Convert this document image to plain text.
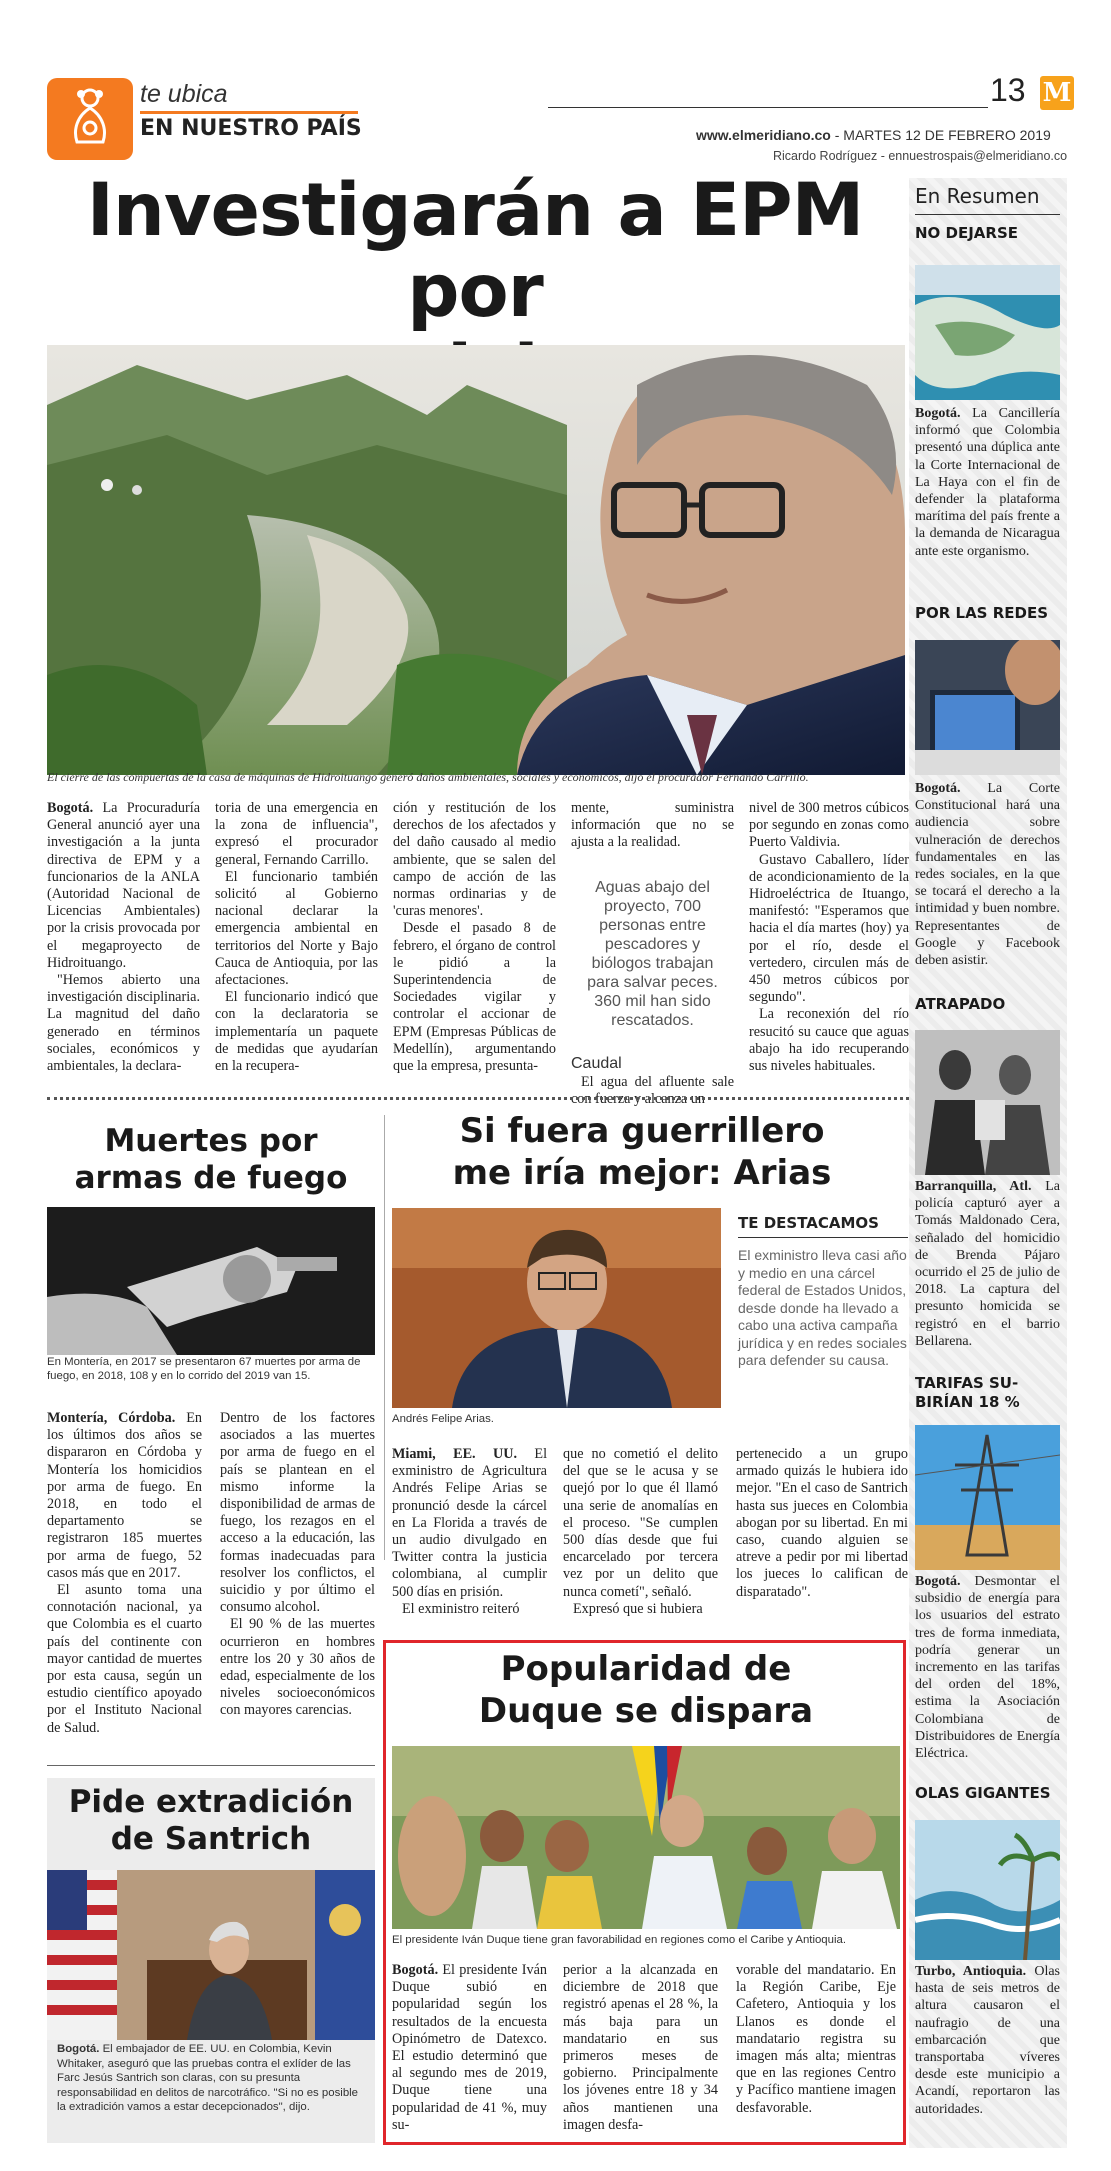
te ubica
EN NUESTRO PAÍS
13 M
www.elmeridiano.co - MARTES 12 DE FEBRERO 2019
Ricardo Rodríguez - ennuestrospais@elmeridiano.co
Investigarán a EPM por
El cierre de las compuertas de la casa de máquinas de Hidroituango generó daños ambientales, sociales y económicos, dijo el procurador Fernando Carrillo.

Bogotá. La Procuraduría General anunció ayer una investigación a la junta directiva de EPM y a funcionarios de la ANLA (Autoridad Nacional de Licencias Ambientales) por la crisis provocada por el megaproyecto de Hidroituango.

"Hemos abierto una investigación disciplinaria. La magnitud del daño generado en términos sociales, económicos y ambientales, la declara-

toria de una emergencia en la zona de influencia", expresó el procurador general, Fernando Carrillo.

El funcionario también solicitó al Gobierno nacional declarar la emergencia ambiental en territorios del Norte y Bajo Cauca de Antioquia, por las afectaciones.

El funcionario indicó que con la declaratoria se implementaría un paquete de medidas que ayudarían en la recupera-

ción y restitución de los derechos de los afectados y del daño causado al medio ambiente, que se salen del campo de acción de las normas ordinarias y de 'curas menores'.

Desde el pasado 8 de febrero, el órgano de control le pidió a la Superintendencia de Sociedades vigilar y controlar el accionar de EPM (Empresas Públicas de Medellín), argumentando que la empresa, presunta-

mente, suministra información que no se ajusta a la realidad.

Aguas abajo del proyecto, 700 personas entre pescadores y biólogos trabajan para salvar peces. 360 mil han sido rescatados.
Caudal

El agua del afluente sale con fuerza y alcanza un

nivel de 300 metros cúbicos por segundo en zonas como Puerto Valdivia.

Gustavo Caballero, líder de acondicionamiento de la Hidroeléctrica de Ituango, manifestó: "Esperamos que hacia el día martes (hoy) ya por el río, desde el vertedero, circulen más de 450 metros cúbicos por segundo".

La reconexión del río resucitó su cauce que aguas abajo ha ido recuperando sus niveles habituales.

Muertes por
armas de fuego
En Montería, en 2017 se presentaron 67 muertes por arma de fuego, en 2018, 108 y en lo corrido del 2019 van 15.

Montería, Córdoba. En los últimos dos años se dispararon en Córdoba y Montería los homicidios por arma de fuego. En 2018, en todo el departamento se registraron 185 muertes por arma de fuego, 52 casos más que en 2017.

El asunto toma una connotación nacional, ya que Colombia es el cuarto país del continente con mayor cantidad de muertes por esta causa, según un estudio científico apoyado por el Instituto Nacional de Salud.

Dentro de los factores asociados a las muertes por arma de fuego en el país se plantean en el mismo informe la disponibilidad de armas de fuego, los rezagos en el acceso a la educación, las formas inadecuadas para resolver los conflictos, el suicidio y por último el consumo alcohol.

El 90 % de las muertes ocurrieron en hombres entre los 20 y 30 años de edad, especialmente de los niveles socioeconómicos con mayores carencias.

Si fuera guerrillero
me iría mejor: Arias
Andrés Felipe Arias.
TE DESTACAMOS
El exministro lleva casi año y medio en una cárcel federal de Estados Unidos, desde donde ha llevado a cabo una activa campaña jurídica y en redes sociales para defender su causa.

Miami, EE. UU. El exministro de Agricultura Andrés Felipe Arias se pronunció desde la cárcel en La Florida a través de un audio divulgado en Twitter contra la justicia colombiana, al cumplir 500 días en prisión.

El exministro reiteró

que no cometió el delito del que se le acusa y se quejó por lo que él llamó una serie de anomalías en el proceso. "Se cumplen 500 días desde que fui encarcelado por tercera vez por un delito que nunca cometí", señaló.

Expresó que si hubiera

pertenecido a un grupo armado quizás le hubiera ido mejor. "En el caso de Santrich hasta sus jueces en Colombia abogan por su libertad. En mi caso, cuando alguien se atreve a pedir por mi libertad los jueces lo califican de disparatado".

Pide extradición
de Santrich
Bogotá. El embajador de EE. UU. en Colombia, Kevin Whitaker, aseguró que las pruebas contra el exlíder de las Farc Jesús Santrich son claras, con su presunta responsabilidad en delitos de narcotráfico. "Si no es posible la extradición vamos a estar decepcionados", dijo.
Popularidad de
Duque se dispara
El presidente Iván Duque tiene gran favorabilidad en regiones como el Caribe y Antioquia.

Bogotá. El presidente Iván Duque subió en popularidad según los resultados de la encuesta Opinómetro de Datexco. El estudio determinó que al segundo mes de 2019, Duque tiene una popularidad de 41 %, muy su-

perior a la alcanzada en diciembre de 2018 que registró apenas el 28 %, la más baja para un mandatario en sus primeros meses de gobierno. Principalmente los jóvenes entre 18 y 34 años mantienen una imagen desfa-

vorable del mandatario. En la Región Caribe, Eje Cafetero, Antioquia y los Llanos es donde el mandatario registra su imagen más alta; mientras que en las regiones Centro y Pacífico mantiene imagen desfavorable.

En Resumen
NO DEJARSE
Bogotá. La Cancillería informó que Colombia presentó una dúplica ante la Corte Internacional de La Haya con el fin de defender la plataforma marítima del país frente a la demanda de Nicaragua ante este organismo.
POR LAS REDES
Bogotá. La Corte Constitucional hará una audiencia sobre vulneración de derechos fundamentales en las redes sociales, en la que se tocará el derecho a la intimidad y buen nombre. Representantes de Google y Facebook deben asistir.
ATRAPADO
Barranquilla, Atl. La policía capturó ayer a Tomás Maldonado Cera, señalado del homicidio de Brenda Pájaro ocurrido el 25 de julio de 2018. La captura del presunto homicida se registró en el barrio Bellarena.
TARIFAS SU-BIRÍAN 18 %
Bogotá. Desmontar el subsidio de energía para los usuarios del estrato tres de forma inmediata, podría generar un incremento en las tarifas del orden del 18%, estima la Asociación Colombiana de Distribuidores de Energía Eléctrica.
OLAS GIGANTES
Turbo, Antioquia. Olas hasta de seis metros de altura causaron el naufragio de una embarcación que transportaba víveres desde este municipio a Acandí, reportaron las autoridades.
